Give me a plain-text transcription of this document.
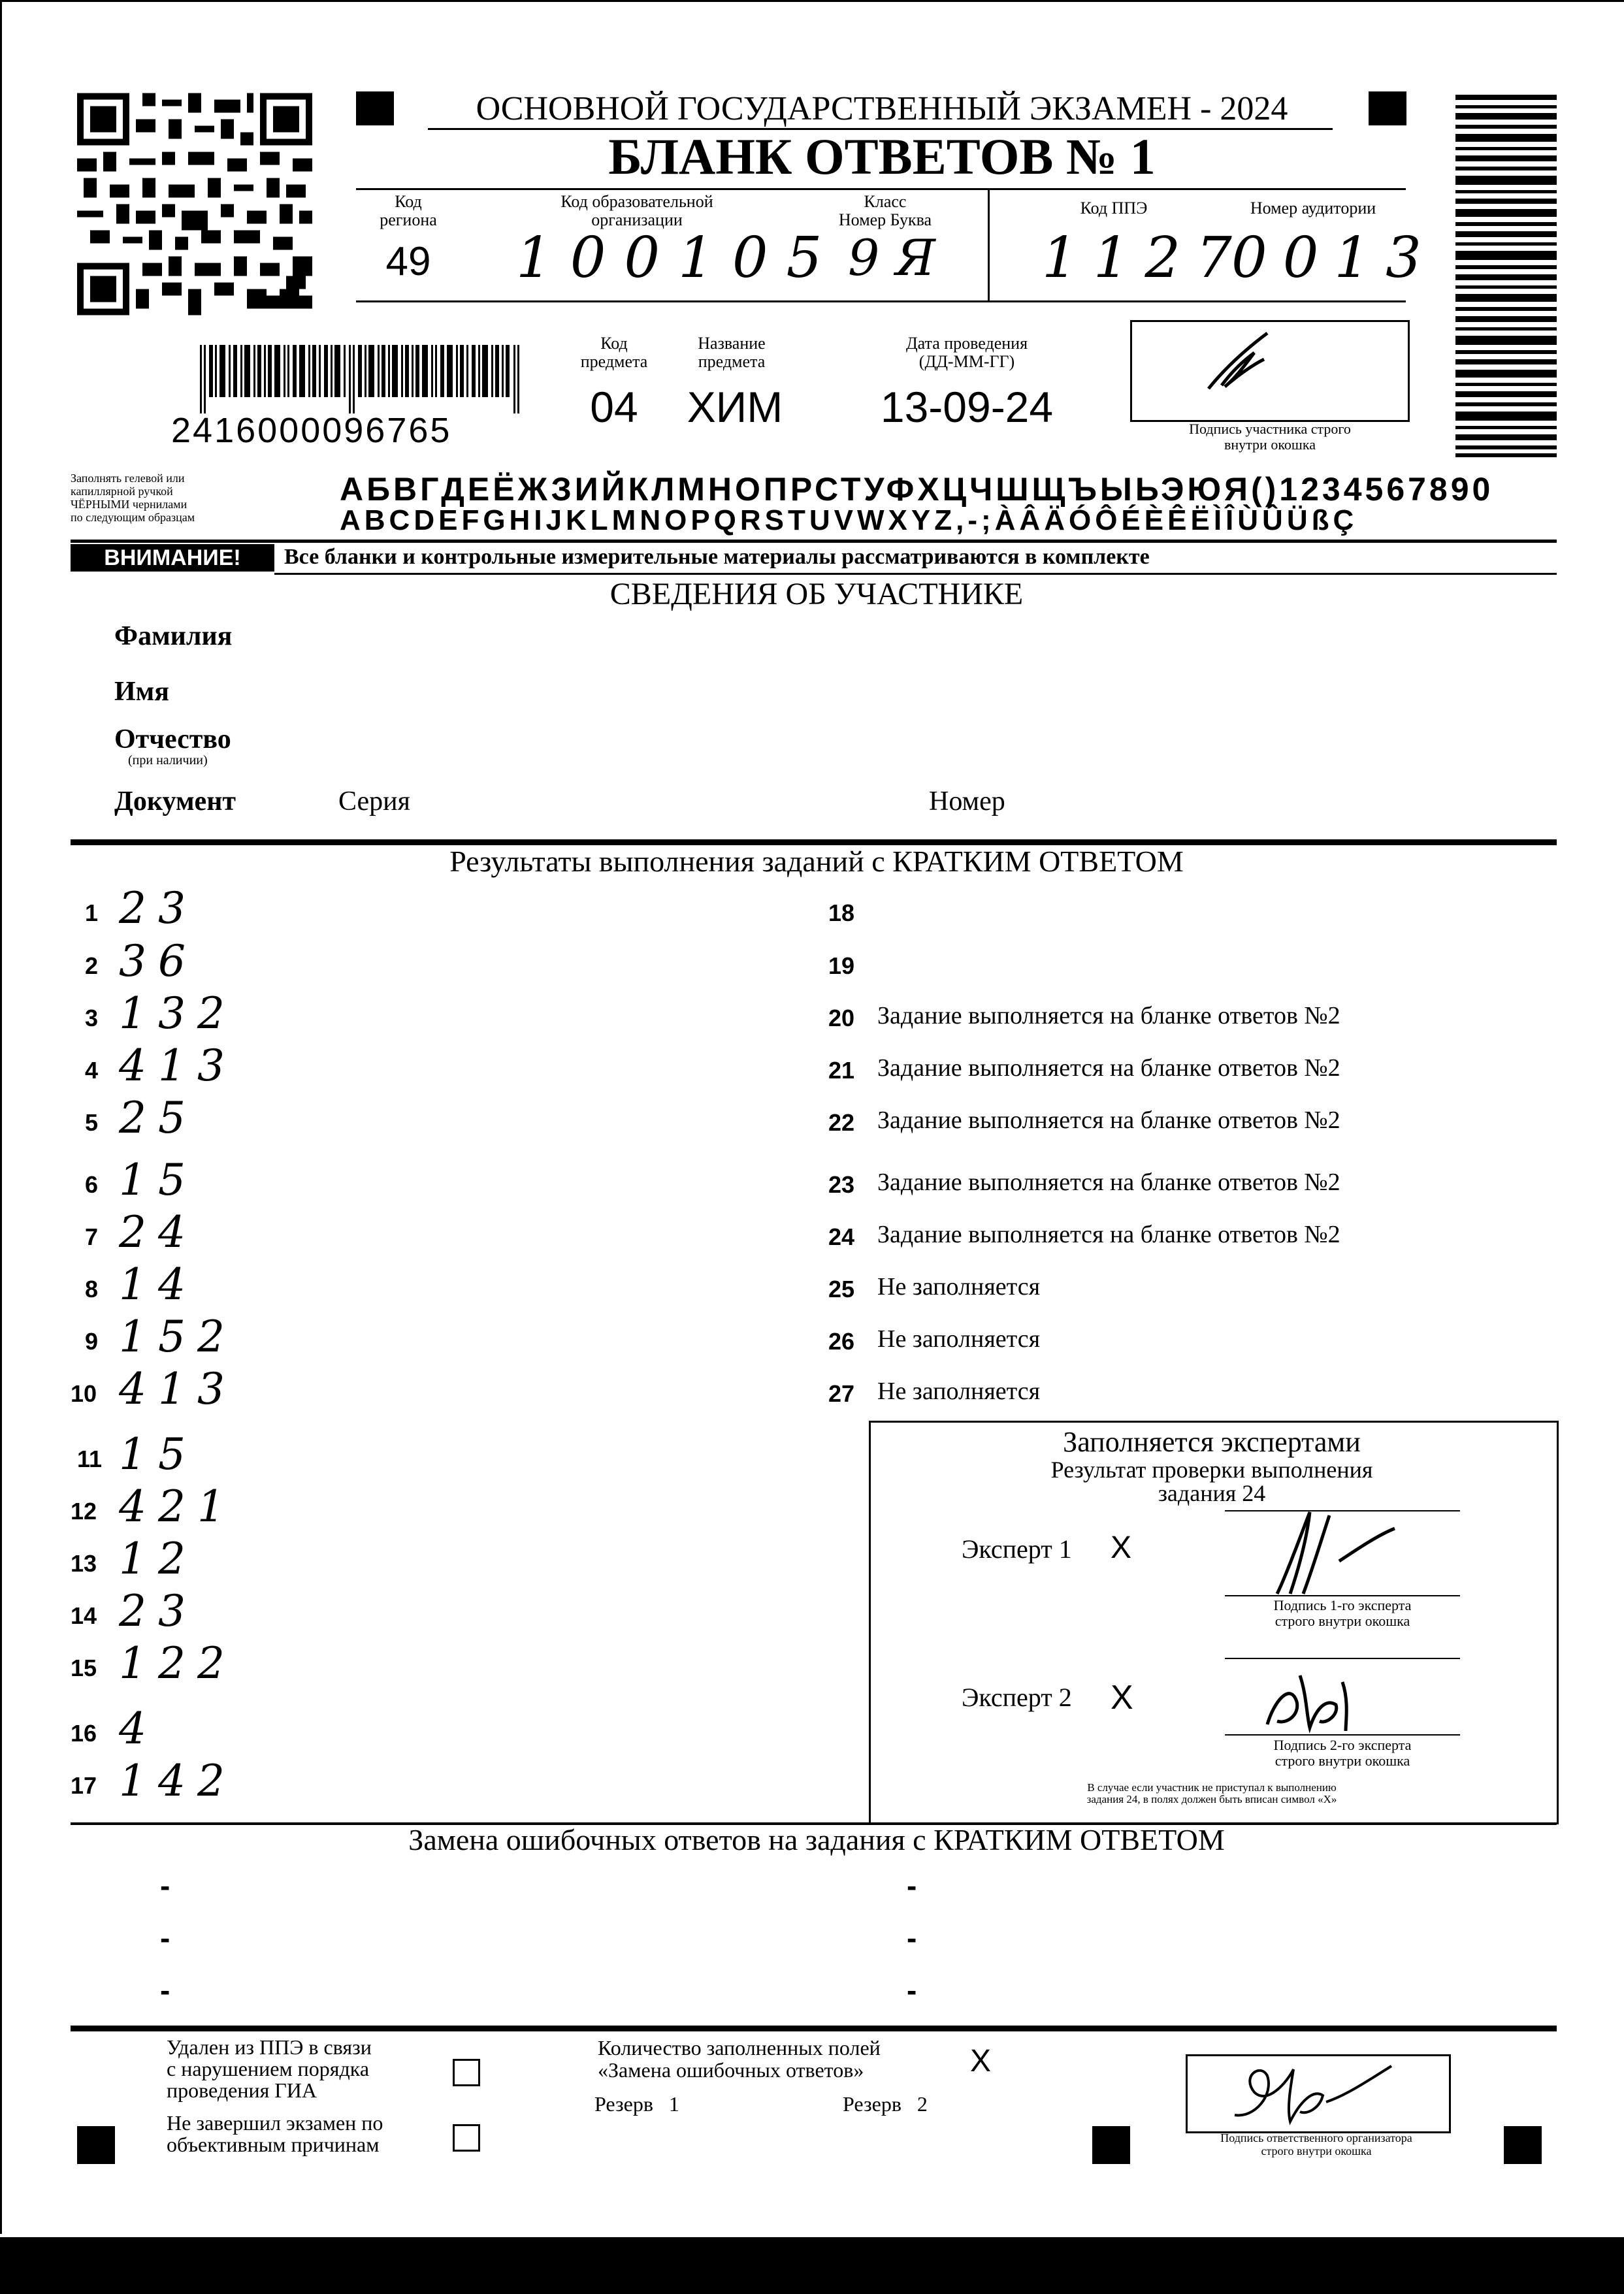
ОСНОВНОЙ ГОСУДАРСТВЕННЫЙ ЭКЗАМЕН - 2024
БЛАНК ОТВЕТОВ № 1
Код
региона
49
Код образовательной
организации
100105
Класс
Номер Буква
9 Я
Код ППЭ
1127
Номер аудитории
0013
2416000096765
Код
предмета
04
Название
предмета
ХИМ
Дата проведения
(ДД-ММ-ГГ)
13-09-24	Подпись участника строго
внутри окошка
Заполнять гелевой или
капиллярной ручкой
ЧЁРНЫМИ чернилами
по следующим образцам
АБВГДЕЁЖЗИЙКЛМНОПРСТУФХЦЧШЩЪЫЬЭЮЯ()1234567890
ABCDEFGHIJKLMNOPQRSTUVWXYZ,-;ÀÂÄÓÔÉÈÊËÌÎÙÛÜßÇ
ВНИМАНИЕ!	Все бланки и контрольные измерительные материалы рассматриваются в комплекте
СВЕДЕНИЯ ОБ УЧАСТНИКЕ
Фамилия
Имя
Отчество
(при наличии)
Документ	Серия	Номер
Результаты выполнения заданий с КРАТКИМ ОТВЕТОМ
1 23
2 36
3 132
4 413
5 25
6 15
7 24
8 14
9 152
10 413
11 15
12 421
13 12
14 23
15 122
16 4
17 142
18
19
20 Задание выполняется на бланке ответов №2
21 Задание выполняется на бланке ответов №2
22 Задание выполняется на бланке ответов №2
23 Задание выполняется на бланке ответов №2
24 Задание выполняется на бланке ответов №2
25 Не заполняется
26 Не заполняется
27 Не заполняется
Заполняется экспертами
Результат проверки выполнения
задания 24
Эксперт 1 Х
Подпись 1-го эксперта
строго внутри окошка
Эксперт 2 Х
Подпись 2-го эксперта
строго внутри окошка
В случае если участник не приступал к выполнению
задания 24, в полях должен быть вписан символ «Х»
Замена ошибочных ответов на задания с КРАТКИМ ОТВЕТОМ
-
-
-
-
-
-
Удален из ППЭ в связи
с нарушением порядка
проведения ГИА
Не завершил экзамен по
объективным причинам
Количество заполненных полей
«Замена ошибочных ответов»	Х
Резерв   1	Резерв   2
Подпись ответственного организатора
строго внутри окошка
